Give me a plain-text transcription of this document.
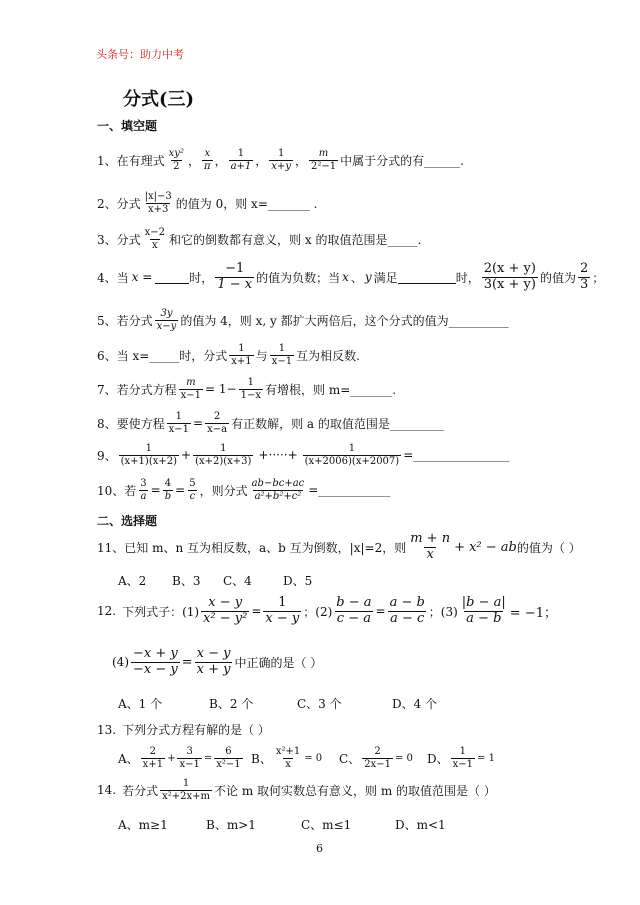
头条号：助力中考
分式(三)
一、填空题
1、 在有理式 $\frac{\text{xy²}}{2}$ ， $\frac{x}{\pi}$ ， $\frac{1}{a+1}$ ， $\frac{1}{x+y}$ ， $\frac{m}{\text{2²−1}}$ 中属于分式的有______.
2、 分式 $\frac{|x|-3}{x+3}$ 的值为 0，则 x=_______ .
3、 分式 $\frac{x-2}{x}$ 和它的倒数都有意义，则 x 的取值范围是_____.
4、 当 x =	时， $\frac{-1}{1 - x}$ 的值为负数；当 x 、 y 满足	时， $\frac{2(x + y)}{3(x + y)}$ 的值为 $\frac{2}{3}$ ；
5、 若分式 $\frac{3y}{x-y}$ 的值为 4，则 x, y 都扩大两倍后，这个分式的值为__________
6、 当 x=_____时，分式 $\frac{1}{x+1}$ 与 $\frac{1}{x-1}$ 互为相反数.
7、 若分式方程 $\frac{m}{x-1} = 1- \frac{1}{1-x}$ 有增根，则 m=_______.
8、 要使方程 $\frac{1}{x-1} = \frac{2}{x-a}$ 有正数解，则 a 的取值范围是_________
9、 $\frac{1}{(x+1)(x+2)} + \frac{1}{(x+2)(x+3)}$ +·····+ $\frac{1}{(x+2006)(x+2007)}$ =________________
10、 若 $\frac{3}{a} = \frac{4}{b} = \frac{5}{c}$ ，则分式 $\frac{ab-bc+ac}{\text{a²+b²+c²}}$ =____________
二、选择题
11、 已知 m、n 互为相反数，a、b 互为倒数，|x|=2，则 $\frac{m + n}{x} + x^2$ − ab 的值为（ ）
A、2 B、3 C、4	D、5
12. 下列式子：$(1) \frac{x - y}{\text{x² − y²}} = \frac{1}{x - y}$ ；$(2) \frac{b - a}{c - a} = \frac{a - b}{a - c}$ ；$(3) \frac{|b - a|}{a - b} = -1$；
$(4) \frac{-x + y}{-x - y} = \frac{x - y}{x + y}$ 中正确的是（ ）
A、1 个	B、2 个	C、3 个	D、4 个
13. 下列分式方程有解的是（ ）
A、 $\frac{2}{x+1} + \frac{3}{x-1} = \frac{6}{\text{x²−1}}$ B、 $\frac{\text{x²+1}}{x} = 0$ C、 $\frac{2}{2x-1} = 0$ D、 $\frac{1}{x-1} = 1$
14. 若分式 $\frac{1}{\text{x²+2x+m}}$ 不论 m 取何实数总有意义，则 m 的取值范围是（ ）
A、m≥1	B、m>1	C、m≤1	D、m<1
6
